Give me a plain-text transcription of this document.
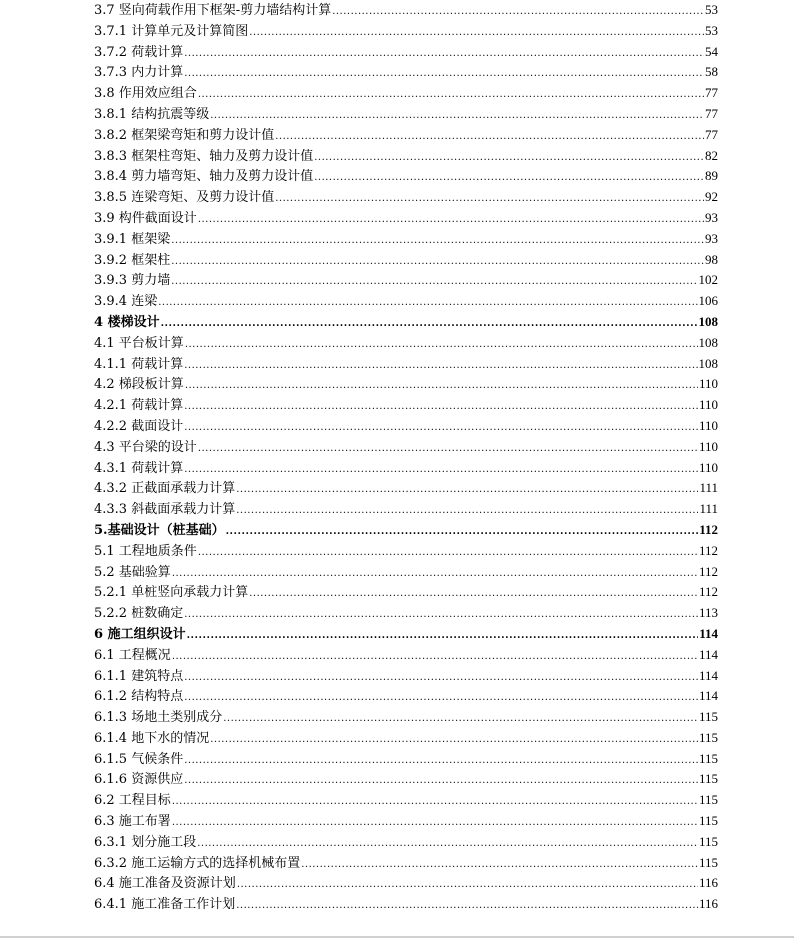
3.7 竖向荷载作用下框架-剪力墙结构计算 .....	53
3.7.1 计算单元及计算简图 .....	53
3.7.2 荷载计算 .....	54
3.7.3 内力计算 .....	58
3.8 作用效应组合 .....	77
3.8.1 结构抗震等级 .....	77
3.8.2 框架梁弯矩和剪力设计值 .....	77
3.8.3 框架柱弯矩、轴力及剪力设计值 .....	82
3.8.4 剪力墙弯矩、轴力及剪力设计值 .....	89
3.8.5 连梁弯矩、及剪力设计值 .....	92
3.9 构件截面设计 .....	93
3.9.1 框架梁 .....	93
3.9.2 框架柱 .....	98
3.9.3 剪力墙 .....	102
3.9.4 连梁 .....	106
4 楼梯设计 .....	108
4.1 平台板计算 .....	108
4.1.1 荷载计算 .....	108
4.2 梯段板计算 .....	110
4.2.1 荷载计算 .....	110
4.2.2 截面设计 .....	110
4.3 平台梁的设计 .....	110
4.3.1 荷载计算 .....	110
4.3.2 正截面承载力计算 .....	111
4.3.3 斜截面承载力计算 .....	111
5.基础设计（桩基础） .....	112
5.1 工程地质条件 .....	112
5.2 基础验算 .....	112
5.2.1 单桩竖向承载力计算 .....	112
5.2.2 桩数确定 .....	113
6 施工组织设计 .....	114
6.1 工程概况 .....	114
6.1.1 建筑特点 .....	114
6.1.2 结构特点 .....	114
6.1.3 场地土类别成分 .....	115
6.1.4 地下水的情况 .....	115
6.1.5 气候条件 .....	115
6.1.6 资源供应 .....	115
6.2 工程目标 .....	115
6.3 施工布署 .....	115
6.3.1 划分施工段 .....	115
6.3.2 施工运输方式的选择机械布置 .....	115
6.4 施工准备及资源计划 .....	116
6.4.1 施工准备工作计划 .....	116
